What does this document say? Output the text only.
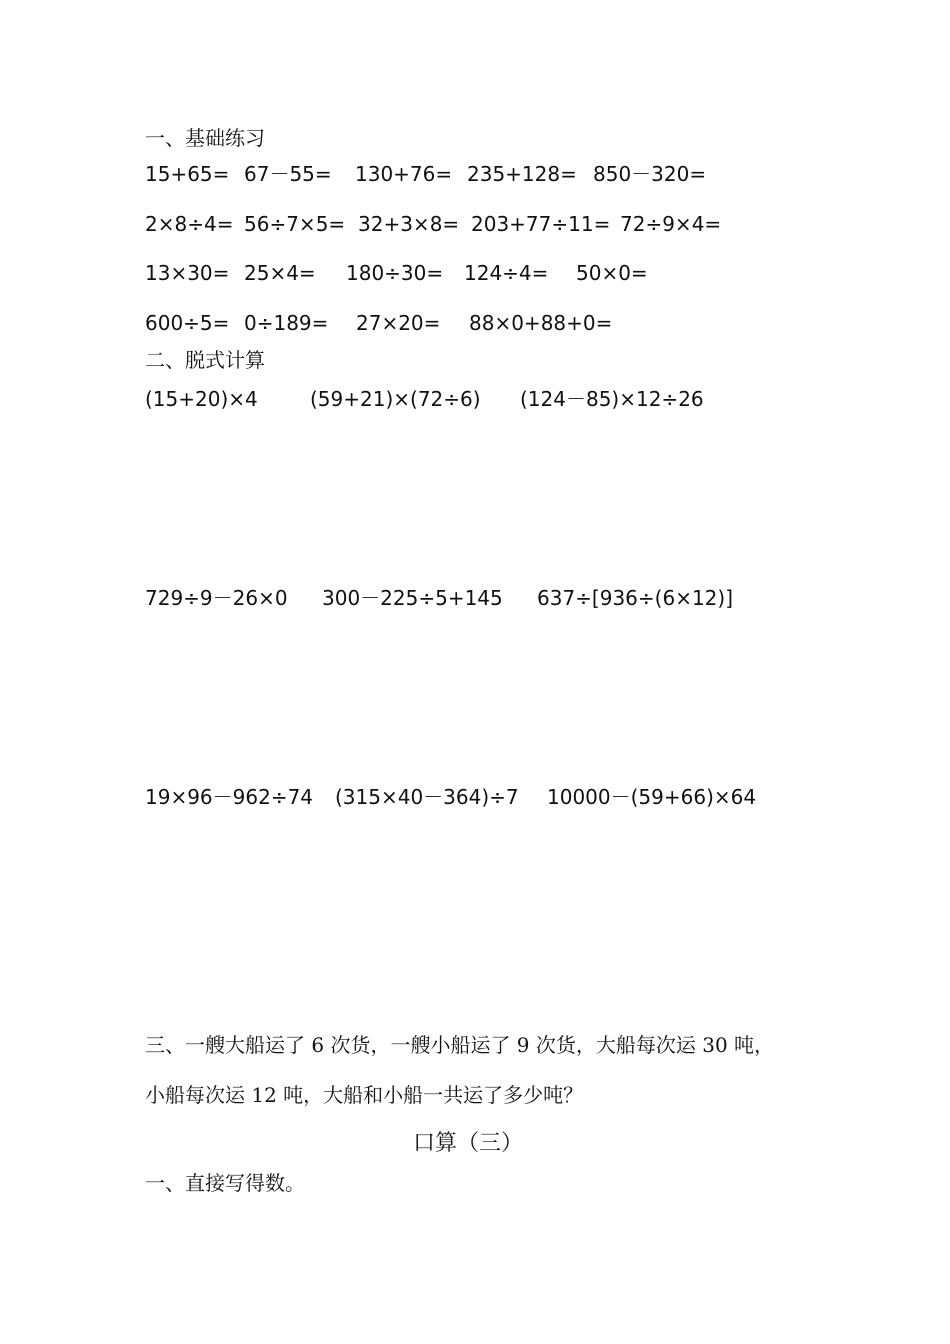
一、基础练习
15+65= 67－55= 130+76= 235+128= 850－320=
2×8÷4= 56÷7×5= 32+3×8= 203+77÷11= 72÷9×4=
13×30= 25×4= 180÷30= 124÷4= 50×0=
600÷5= 0÷189= 27×20= 88×0+88+0=
二、脱式计算
(15+20)×4	(59+21)×(72÷6) (124－85)×12÷26
729÷9－26×0 300－225÷5+145 637÷[936÷(6×12)]
19×96－962÷74 (315×40－364)÷7 10000－(59+66)×64
三、一艘大船运了 6 次货，一艘小船运了 9 次货，大船每次运 30 吨，
小船每次运 12 吨，大船和小船一共运了多少吨？
口算（三）
一、直接写得数。
